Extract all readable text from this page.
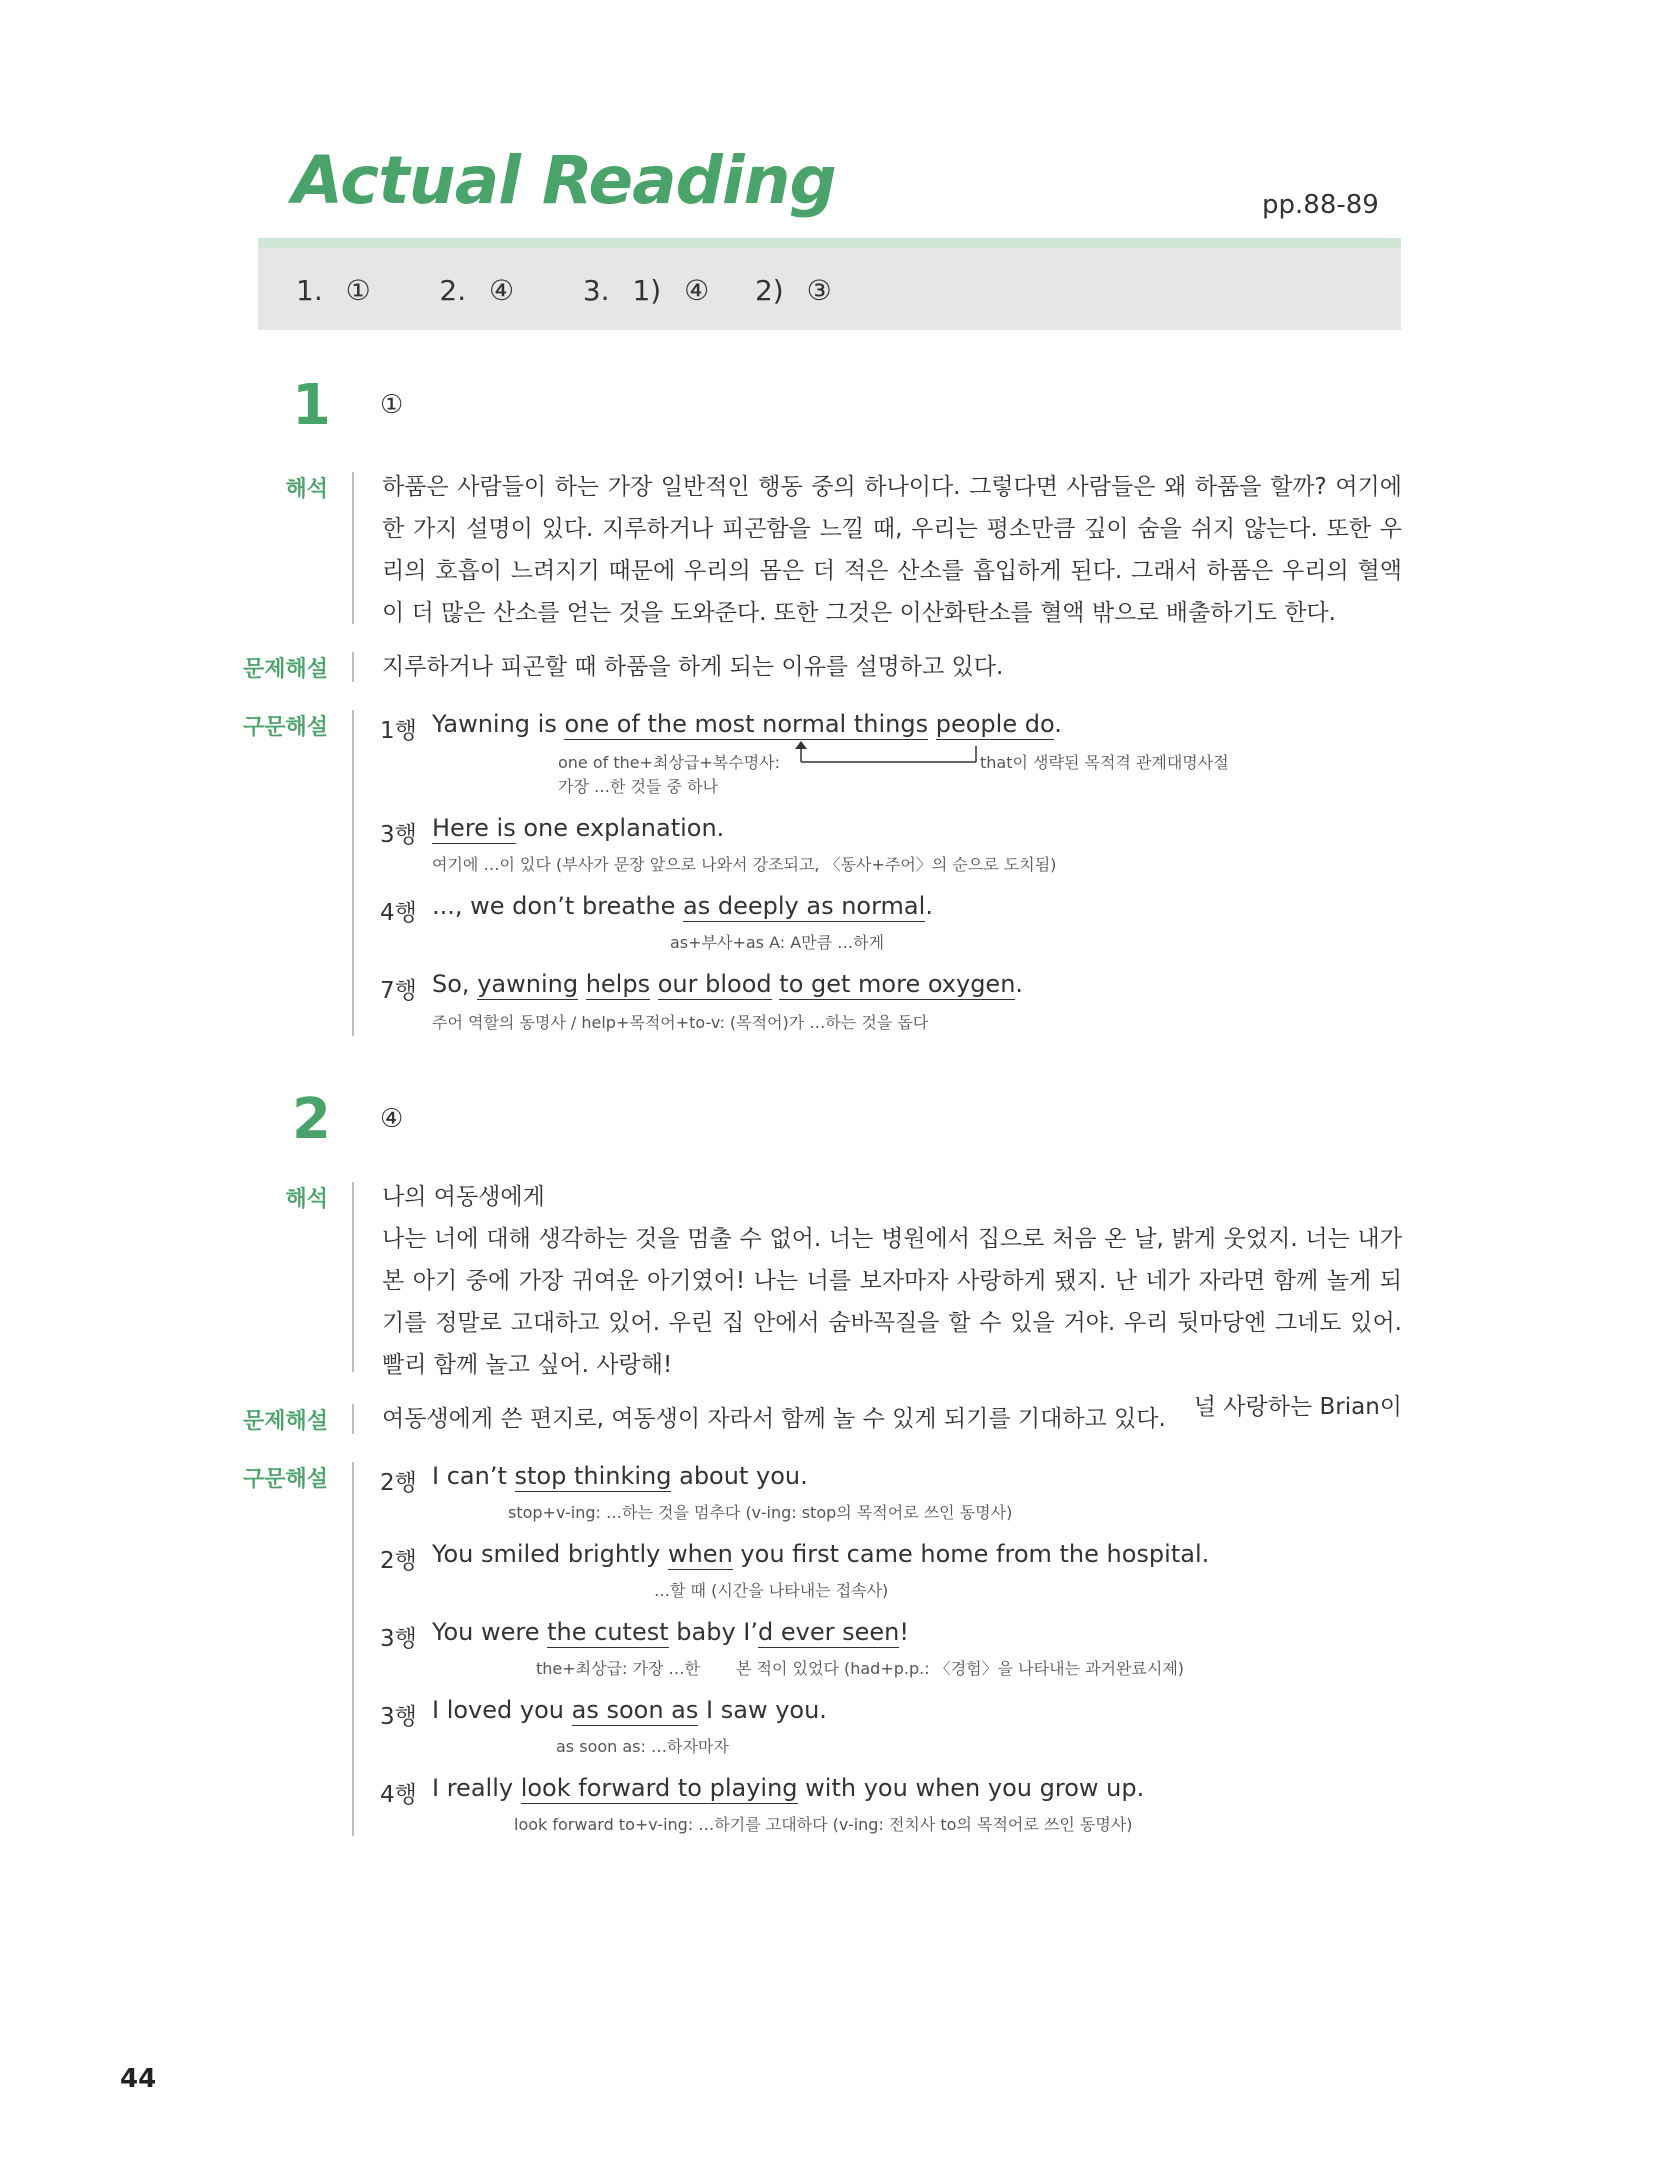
Actual Reading	pp.88-89
1. ①   2. ④   3. 1) ④  2) ③
1 ①
해석 하품은 사람들이 하는 가장 일반적인 행동 중의 하나이다. 그렇다면 사람들은 왜 하품을 할까? 여기에 한 가지 설명이 있다. 지루하거나 피곤함을 느낄 때, 우리는 평소만큼 깊이 숨을 쉬지 않는다. 또한 우리의 호흡이 느려지기 때문에 우리의 몸은 더 적은 산소를 흡입하게 된다. 그래서 하품은 우리의 혈액이 더 많은 산소를 얻는 것을 도와준다. 또한 그것은 이산화탄소를 혈액 밖으로 배출하기도 한다.

문제해설 지루하거나 피곤할 때 하품을 하게 되는 이유를 설명하고 있다.
구문해설 1행 Yawning is one of the most normal things people do.
one of the+최상급+복수명사:
가장 …한 것들 중 하나
that이 생략된 목적격 관계대명사절
3행 Here is one explanation.
여기에 …이 있다 (부사가 문장 앞으로 나와서 강조되고, 〈동사+주어〉의 순으로 도치됨)
4행 ..., we don’t breathe as deeply as normal.
as+부사+as A: A만큼 …하게
7행 So, yawning helps our blood to get more oxygen.
주어 역할의 동명사 / help+목적어+to-v: (목적어)가 …하는 것을 돕다
2 ④
해석 나의 여동생에게

나는 너에 대해 생각하는 것을 멈출 수 없어. 너는 병원에서 집으로 처음 온 날, 밝게 웃었지. 너는 내가 본 아기 중에 가장 귀여운 아기였어! 나는 너를 보자마자 사랑하게 됐지. 난 네가 자라면 함께 놀게 되기를 정말로 고대하고 있어. 우린 집 안에서 숨바꼭질을 할 수 있을 거야. 우리 뒷마당엔 그네도 있어. 빨리 함께 놀고 싶어. 사랑해!

널 사랑하는 Brian이

문제해설 여동생에게 쓴 편지로, 여동생이 자라서 함께 놀 수 있게 되기를 기대하고 있다.
구문해설 2행 I can’t stop thinking about you.
stop+v-ing: …하는 것을 멈추다 (v-ing: stop의 목적어로 쓰인 동명사)
2행 You smiled brightly when you first came home from the hospital.
…할 때 (시간을 나타내는 접속사)
3행 You were the cutest baby I’d ever seen!
the+최상급: 가장 …한 본 적이 있었다 (had+p.p.: 〈경험〉을 나타내는 과거완료시제)
3행 I loved you as soon as I saw you.
as soon as: …하자마자
4행 I really look forward to playing with you when you grow up.
look forward to+v-ing: …하기를 고대하다 (v-ing: 전치사 to의 목적어로 쓰인 동명사)
44
